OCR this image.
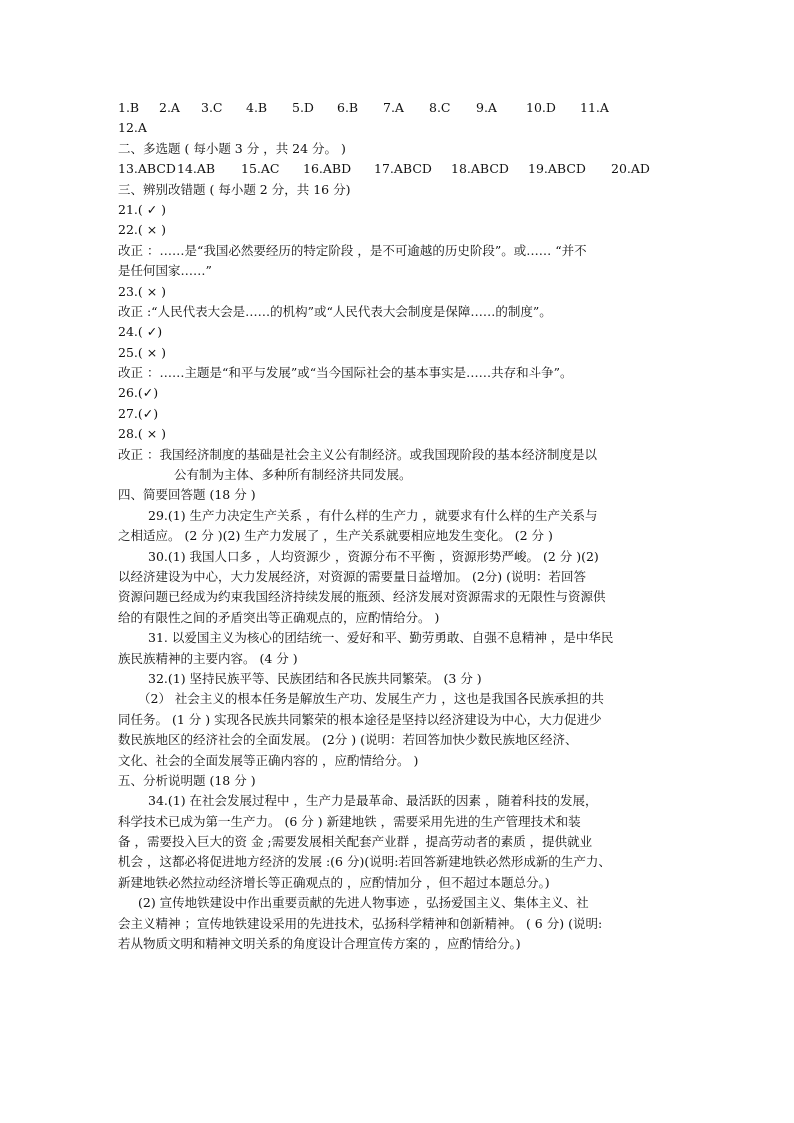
1.B	2.A	3.C	4.B	5.D	6.B	7.A	8.C	9.A	10.D	11.A
12.A
二、多选题 ( 每小题 3 分 ，共 24 分。 )
13.ABCD 14.AB	15.AC	16.ABD	17.ABCD	18.ABCD	19.ABCD	20.AD
三、辨别改错题 ( 每小题 2 分，共 16 分)
21.( ✓ )
22.( × )
改正 ：……是“我国必然要经历的特定阶段 ，是不可逾越的历史阶段”。或…… “并不
是任何国家……”
23.( × )
改正 :“人民代表大会是……的机构”或“人民代表大会制度是保障……的制度”。
24.( ✓)
25.( × )
改正 ：……主题是“和平与发展”或“当今国际社会的基本事实是……共存和斗争”。
26.(✓)
27.(✓)
28.( × )
改正 ：我国经济制度的基础是社会主义公有制经济。或我国现阶段的基本经济制度是以
公有制为主体、多种所有制经济共同发展。
四、简要回答题 (18 分 )
29.(1) 生产力决定生产关系 ，有什么样的生产力 ，就要求有什么样的生产关系与
之相适应。 (2 分 )(2) 生产力发展了 ，生产关系就要相应地发生变化。 (2 分 )
30.(1) 我国人口多 ，人均资源少 ，资源分布不平衡 ，资源形势严峻。 (2 分 )(2)
以经济建设为中心，大力发展经济，对资源的需要量日益增加。 (2分) (说明：若回答
资源问题已经成为约束我国经济持续发展的瓶颈、经济发展对资源需求的无限性与资源供
给的有限性之间的矛盾突出等正确观点的，应酌情给分。 )
31. 以爱国主义为核心的团结统一、爱好和平、勤劳勇敢、自强不息精神 ，是中华民
族民族精神的主要内容。 (4 分 )
32.(1) 坚持民族平等、民族团结和各民族共同繁荣。 (3 分 )
（2） 社会主义的根本任务是解放生产功、发展生产力 ，这也是我国各民族承担的共
同任务。 (1 分 ) 实现各民族共同繁荣的根本途径是坚持以经济建设为中心，大力促进少
数民族地区的经济社会的全面发展。 (2分 ) (说明：若回答加快少数民族地区经济、
文化、社会的全面发展等正确内容的 ，应酌情给分。 )
五、分析说明题 (18 分 )
34.(1) 在社会发展过程中 ，生产力是最革命、最活跃的因素 ，随着科技的发展，
科学技术已成为第一生产力。 (6 分 ) 新建地铁 ，需要采用先进的生产管理技术和装
备 ，需要投入巨大的资 金 ;需要发展相关配套产业群 ，提高劳动者的素质 ，提供就业
机会 ，这都必将促进地方经济的发展 :(6 分)(说明:若回答新建地铁必然形成新的生产力、
新建地铁必然拉动经济增长等正确观点的 ，应酌情加分 ，但不超过本题总分。)
(2) 宣传地铁建设中作出重要贡献的先进人物事迹 ，弘扬爱国主义、集体主义、社
会主义精神 ；宣传地铁建设采用的先进技术，弘扬科学精神和创新精神。 ( 6 分) (说明:
若从物质文明和精神文明关系的角度设计合理宣传方案的 ，应酌情给分。)
